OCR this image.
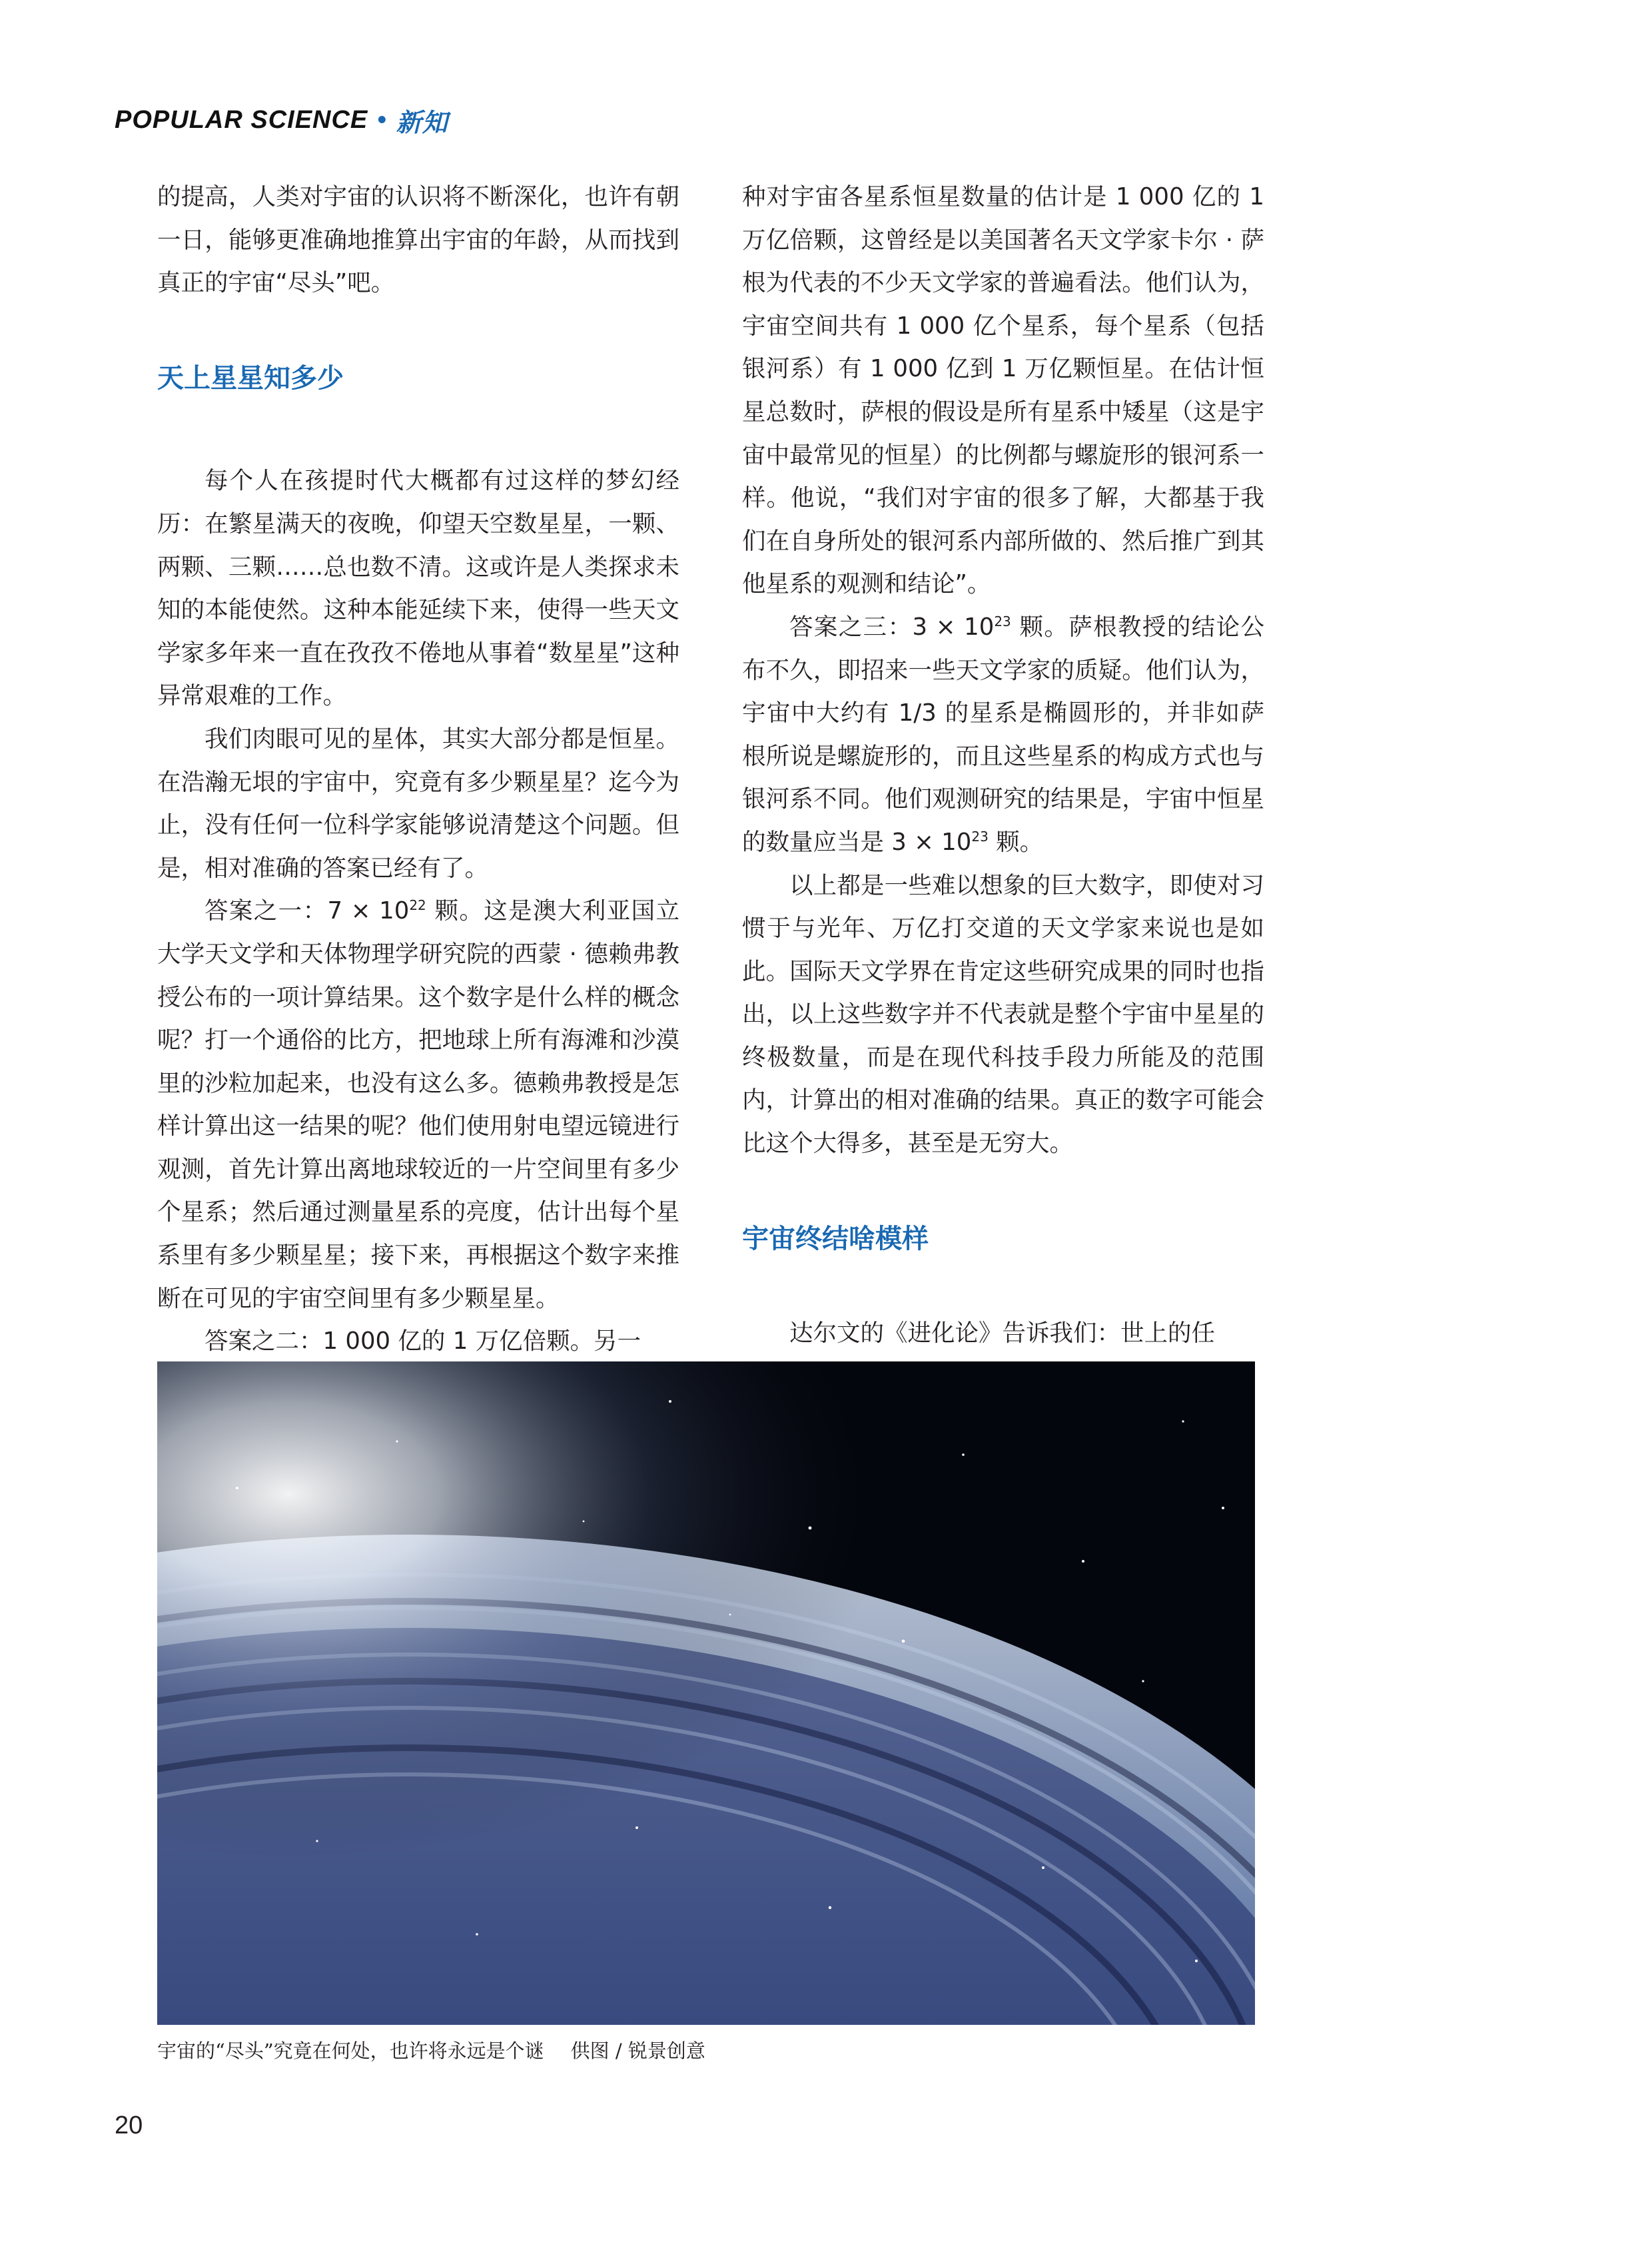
POPULAR SCIENCE • 新知

的提高，人类对宇宙的认识将不断深化，也许有朝一日，能够更准确地推算出宇宙的年龄，从而找到真正的宇宙“尽头”吧。

天上星星知多少

每个人在孩提时代大概都有过这样的梦幻经历：在繁星满天的夜晚，仰望天空数星星，一颗、两颗、三颗……总也数不清。这或许是人类探求未知的本能使然。这种本能延续下来，使得一些天文学家多年来一直在孜孜不倦地从事着“数星星”这种异常艰难的工作。

我们肉眼可见的星体，其实大部分都是恒星。在浩瀚无垠的宇宙中，究竟有多少颗星星？迄今为止，没有任何一位科学家能够说清楚这个问题。但是，相对准确的答案已经有了。

答案之一：$7 \times 10^{22}$ 颗。这是澳大利亚国立大学天文学和天体物理学研究院的西蒙 · 德赖弗教授公布的一项计算结果。这个数字是什么样的概念呢？打一个通俗的比方，把地球上所有海滩和沙漠里的沙粒加起来，也没有这么多。德赖弗教授是怎样计算出这一结果的呢？他们使用射电望远镜进行观测，首先计算出离地球较近的一片空间里有多少个星系；然后通过测量星系的亮度，估计出每个星系里有多少颗星星；接下来，再根据这个数字来推断在可见的宇宙空间里有多少颗星星。

答案之二：1 000 亿的 1 万亿倍颗。另一

种对宇宙各星系恒星数量的估计是 1 000 亿的 1 万亿倍颗，这曾经是以美国著名天文学家卡尔 · 萨根为代表的不少天文学家的普遍看法。他们认为，宇宙空间共有 1 000 亿个星系，每个星系（包括银河系）有 1 000 亿到 1 万亿颗恒星。在估计恒星总数时，萨根的假设是所有星系中矮星（这是宇宙中最常见的恒星）的比例都与螺旋形的银河系一样。他说，“我们对宇宙的很多了解，大都基于我们在自身所处的银河系内部所做的、然后推广到其他星系的观测和结论”。

答案之三：$3 \times 10^{23}$ 颗。萨根教授的结论公布不久，即招来一些天文学家的质疑。他们认为，宇宙中大约有 1/3 的星系是椭圆形的，并非如萨根所说是螺旋形的，而且这些星系的构成方式也与银河系不同。他们观测研究的结果是，宇宙中恒星的数量应当是 $3 \times 10^{23}$ 颗。

以上都是一些难以想象的巨大数字，即使对习惯于与光年、万亿打交道的天文学家来说也是如此。国际天文学界在肯定这些研究成果的同时也指出，以上这些数字并不代表就是整个宇宙中星星的终极数量，而是在现代科技手段力所能及的范围内，计算出的相对准确的结果。真正的数字可能会比这个大得多，甚至是无穷大。

宇宙终结啥模样

达尔文的《进化论》告诉我们：世上的任

宇宙的“尽头”究竟在何处，也许将永远是个谜 供图 / 锐景创意
20
